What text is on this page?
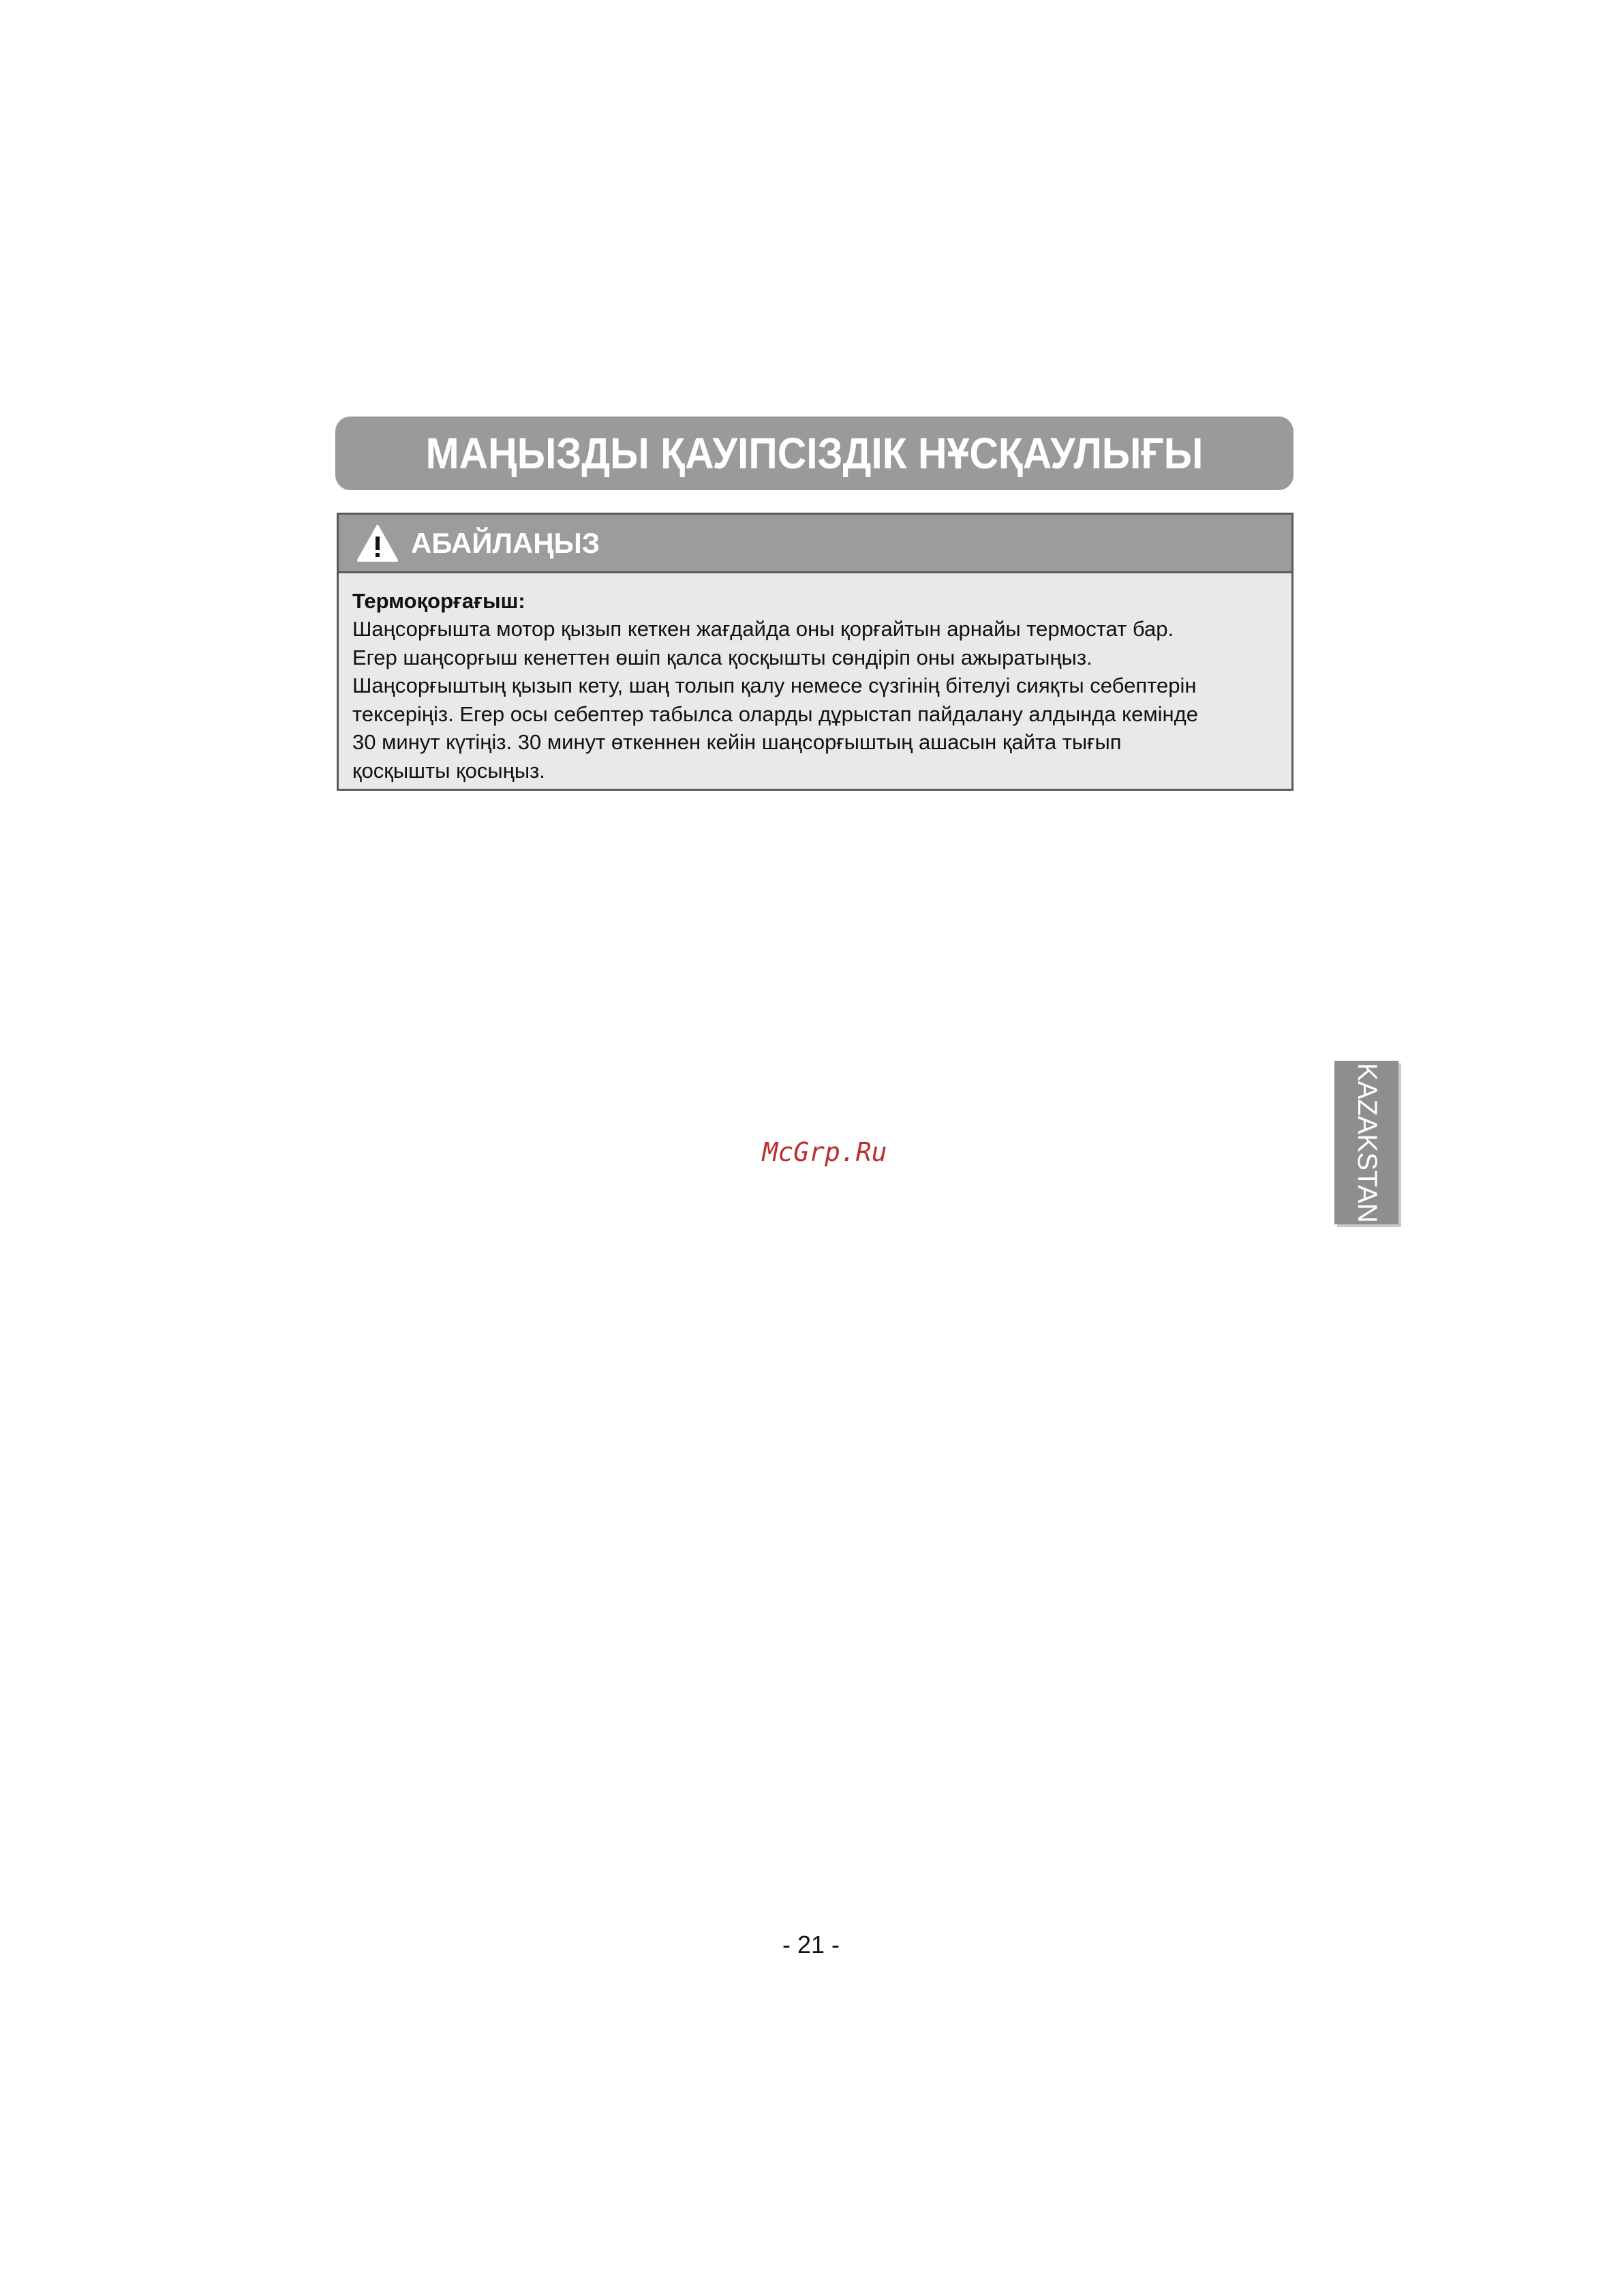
МАҢЫЗДЫ ҚАУІПСІЗДІК НҰСҚАУЛЫҒЫ
АБАЙЛАҢЫЗ
Термоқорғағыш:
Шаңсорғышта мотор қызып кеткен жағдайда оны қорғайтын арнайы термостат бар.
Егер шаңсорғыш кенеттен өшіп қалса қосқышты сөндіріп оны ажыратыңыз.
Шаңсорғыштың қызып кету, шаң толып қалу немесе сүзгінің бітелуі сияқты себептерін
тексеріңіз. Егер осы себептер табылса оларды дұрыстап пайдалану алдында кемінде
30 минут күтіңіз. 30 минут өткеннен кейін шаңсорғыштың ашасын қайта тығып
қосқышты қосыңыз.
McGrp.Ru	KAZAKSTAN
- 21 -
